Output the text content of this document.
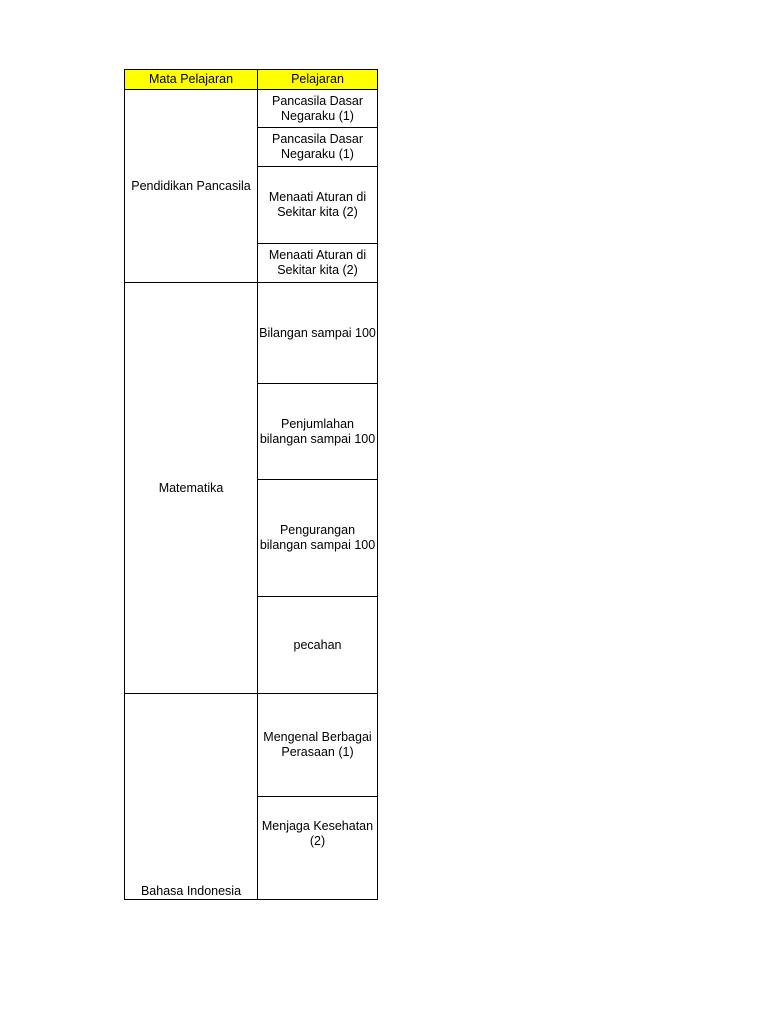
Mata Pelajaran	Pelajaran
Pendidikan Pancasila	Pancasila Dasar Negaraku (1)
	Pancasila Dasar Negaraku (1)
	Menaati Aturan di Sekitar kita (2)
	Menaati Aturan di Sekitar kita (2)
Matematika	Bilangan sampai 100
	Penjumlahan bilangan sampai 100
	Pengurangan bilangan sampai 100
	pecahan
Bahasa Indonesia	Mengenal Berbagai Perasaan (1)
	Menjaga Kesehatan (2)
